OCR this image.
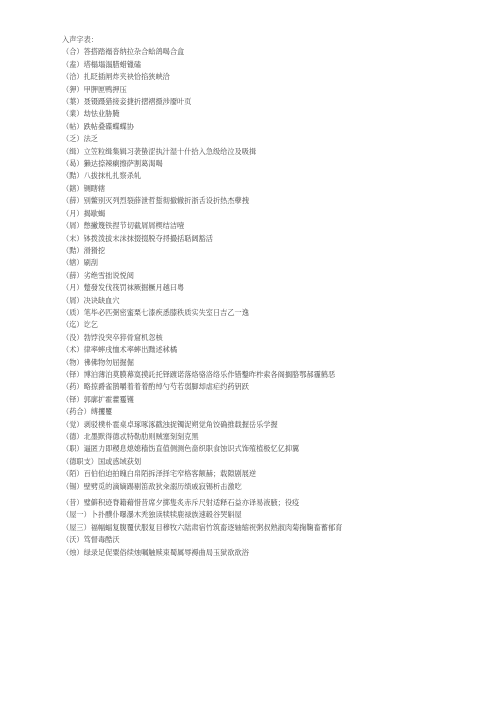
入声字表：
（合）答搭踏褟沓纳拉杂合蛤鸽喝合盒
（盍）塔榻塌溻腊蜡镴磕
（洽）扎眨插闸炸夹袂恰掐狭峡洽
（狎）甲胛匣鸭押压
（葉）聂镊蹑猎接妾捷折摺褶摄涉靥叶页
（業）劫怯业胁腌
（帖）跌帖叠碟蝶蝶协
（乏）法乏
（缉）立笠粒缉集辑习袭蛰涩执汁湿十什拾入急级给泣及吸揖
（曷）獭达捺辣瘌擦萨割葛渴喝
（黠）八拔抹札扎察杀轧
（鎋）铡瞎辖
（薛）别鳖别灭列烈裂薛泄哲蜇彻撤辙折浙舌设折热杰孽拽
（月）揭歇蝎
（屑）憋撇篾铁捏节切截屑屑楔结洁噎
（末）钵拨泼拔末沫抹掇掇脱夺捋撮括聒阔豁活
（黠）滑猾挖
（辖）刷刮
（薛）劣绝雪拙说悦阅
（月）蹩發发伐筏罚袜厥掘橛月越曰粤
（屑）决诀缺血穴
（质）笔毕必匹弼密蜜栗七漆疾悉膝秩质实失室日吉乙一逸
（迄）讫乞
（没）勃饽没突卒猝骨窟机忽核
（术）律率蟀戌恤术率蟀出黜述秫橘
（物）彿佛物勿屈掘倔
（铎）博泊薄泊莫膜幕寞摸託托铎踱诺落烙骆洛络乐作错鑿昨柞索各阁搁胳鄂郝霾鹤恶
（药）略掠爵雀鹊嚼着着着酌绰勺芍若弱脚却虐疟约药钥跃
（铎）郭廓扩霍藿䨥镬
（药合）缚攫矍
（觉）剥驳樸朴雹桌卓琢啄涿戳浊捉镯浞朔觉角饺确推载握岳乐学握
（德）北墨默得德忒特勒肋则贼塞刻刻克黑
（职）逼匿力即稷息熄媳穑饬直值侧测色啬织职食蚀识式饰殖植极忆亿抑翼
（德职支）国或惑域获划
（陌）百伯伯迫拍魄白帛陌拆泽择宅窄格客额赫；载隙剧展逆
（锡）壁劈觅的滴嫡踢剔笛敌狄籴溺历绩戚寂锡析击激吃
（昔）璧僻积迹脊籍藉惜昔席夕掷隻炙赤斥尺射适释石益亦译易液腋；役疫
（屋一）卜扑醭仆曝瀑木秃独读犊犊鹿禄族速毂谷哭斛屋
（屋三）福幅蝠复腹覆伏服复目穆牧六陆肃宿竹筑畜逐轴缩祝粥叔熟淑肉菊掬鞠畜蓄郁育
（沃）笃督毒酷沃
（烛）绿录足促粟俗续烛嘱触赎束蜀属辱褥曲局玉狱欲欲浴
